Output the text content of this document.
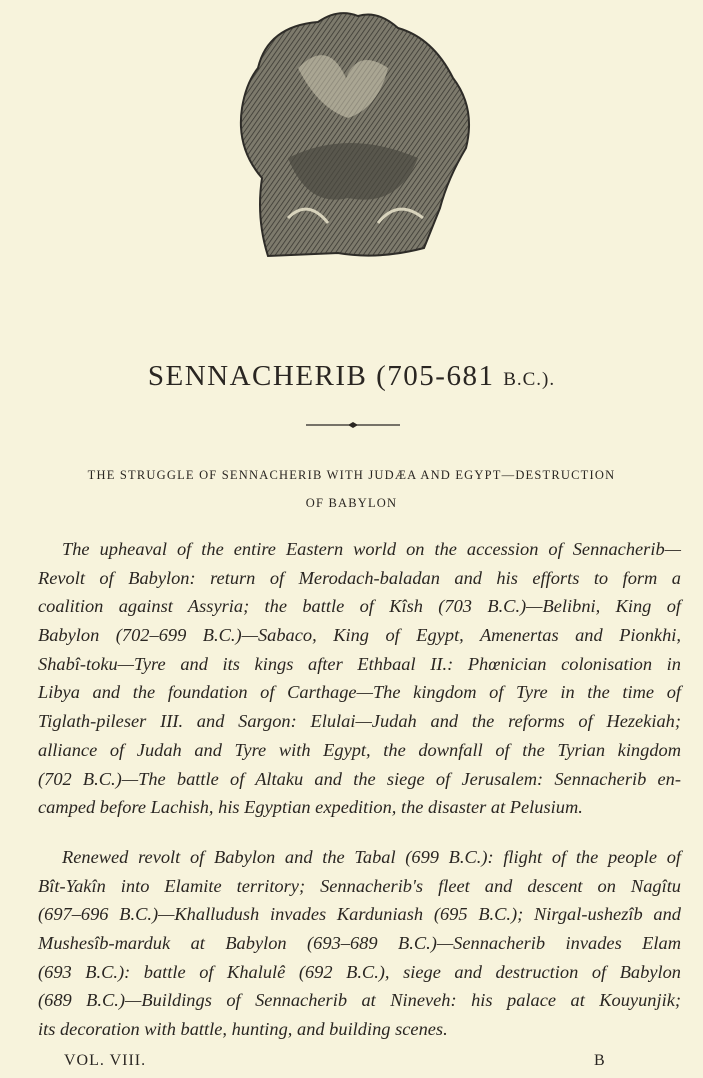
SENNACHERIB (705-681 B.C.).
THE STRUGGLE OF SENNACHERIB WITH JUDÆA AND EGYPT—DESTRUCTION
OF BABYLON
The upheaval of the entire Eastern world on the accession of Sennacherib—
Revolt of Babylon: return of Merodach-baladan and his efforts to form a
coalition against Assyria; the battle of Kîsh (703 B.C.)—Belibni, King of
Babylon (702–699 B.C.)—Sabaco, King of Egypt, Amenertas and Pionkhi,
Shabî-toku—Tyre and its kings after Ethbaal II.: Phœnician colonisation in
Libya and the foundation of Carthage—The kingdom of Tyre in the time of
Tiglath-pileser III. and Sargon: Elulai—Judah and the reforms of Hezekiah;
alliance of Judah and Tyre with Egypt, the downfall of the Tyrian kingdom
(702 B.C.)—The battle of Altaku and the siege of Jerusalem: Sennacherib en-
camped before Lachish, his Egyptian expedition, the disaster at Pelusium.
Renewed revolt of Babylon and the Tabal (699 B.C.): flight of the people of
Bît-Yakîn into Elamite territory; Sennacherib's fleet and descent on Nagîtu
(697–696 B.C.)—Khalludush invades Karduniash (695 B.C.); Nirgal-ushezîb and
Mushesîb-marduk at Babylon (693–689 B.C.)—Sennacherib invades Elam
(693 B.C.): battle of Khalulê (692 B.C.), siege and destruction of Babylon
(689 B.C.)—Buildings of Sennacherib at Nineveh: his palace at Kouyunjik;
its decoration with battle, hunting, and building scenes.
VOL. VIII.	B
